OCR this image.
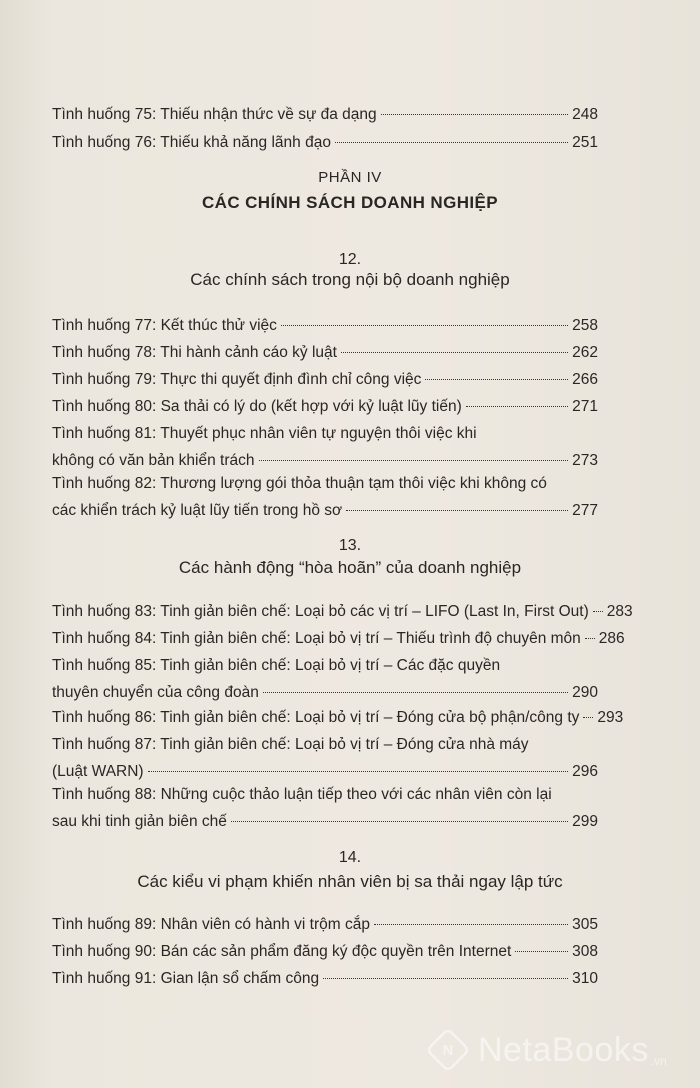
Tình huống 75: Thiếu nhận thức về sự đa dạng	248
Tình huống 76: Thiếu khả năng lãnh đạo	251
PHẦN IV
CÁC CHÍNH SÁCH DOANH NGHIỆP
12.
Các chính sách trong nội bộ doanh nghiệp
Tình huống 77: Kết thúc thử việc	258
Tình huống 78: Thi hành cảnh cáo kỷ luật	262
Tình huống 79: Thực thi quyết định đình chỉ công việc	266
Tình huống 80: Sa thải có lý do (kết hợp với kỷ luật lũy tiến)	271
Tình huống 81: Thuyết phục nhân viên tự nguyện thôi việc khi
không có văn bản khiển trách	273
Tình huống 82: Thương lượng gói thỏa thuận tạm thôi việc khi không có
các khiển trách kỷ luật lũy tiến trong hồ sơ	277
13.
Các hành động “hòa hoãn” của doanh nghiệp
Tình huống 83: Tinh giản biên chế: Loại bỏ các vị trí – LIFO (Last In, First Out) 283
Tình huống 84: Tinh giản biên chế: Loại bỏ vị trí – Thiếu trình độ chuyên môn 286
Tình huống 85: Tinh giản biên chế: Loại bỏ vị trí – Các đặc quyền
thuyên chuyển của công đoàn	290
Tình huống 86: Tinh giản biên chế: Loại bỏ vị trí – Đóng cửa bộ phận/công ty 293
Tình huống 87: Tinh giản biên chế: Loại bỏ vị trí – Đóng cửa nhà máy
(Luật WARN)	296
Tình huống 88: Những cuộc thảo luận tiếp theo với các nhân viên còn lại
sau khi tinh giản biên chế	299
14.
Các kiểu vi phạm khiến nhân viên bị sa thải ngay lập tức
Tình huống 89: Nhân viên có hành vi trộm cắp	305
Tình huống 90: Bán các sản phẩm đăng ký độc quyền trên Internet	308
Tình huống 91: Gian lận sổ chấm công	310
N NetaBooks .vn
